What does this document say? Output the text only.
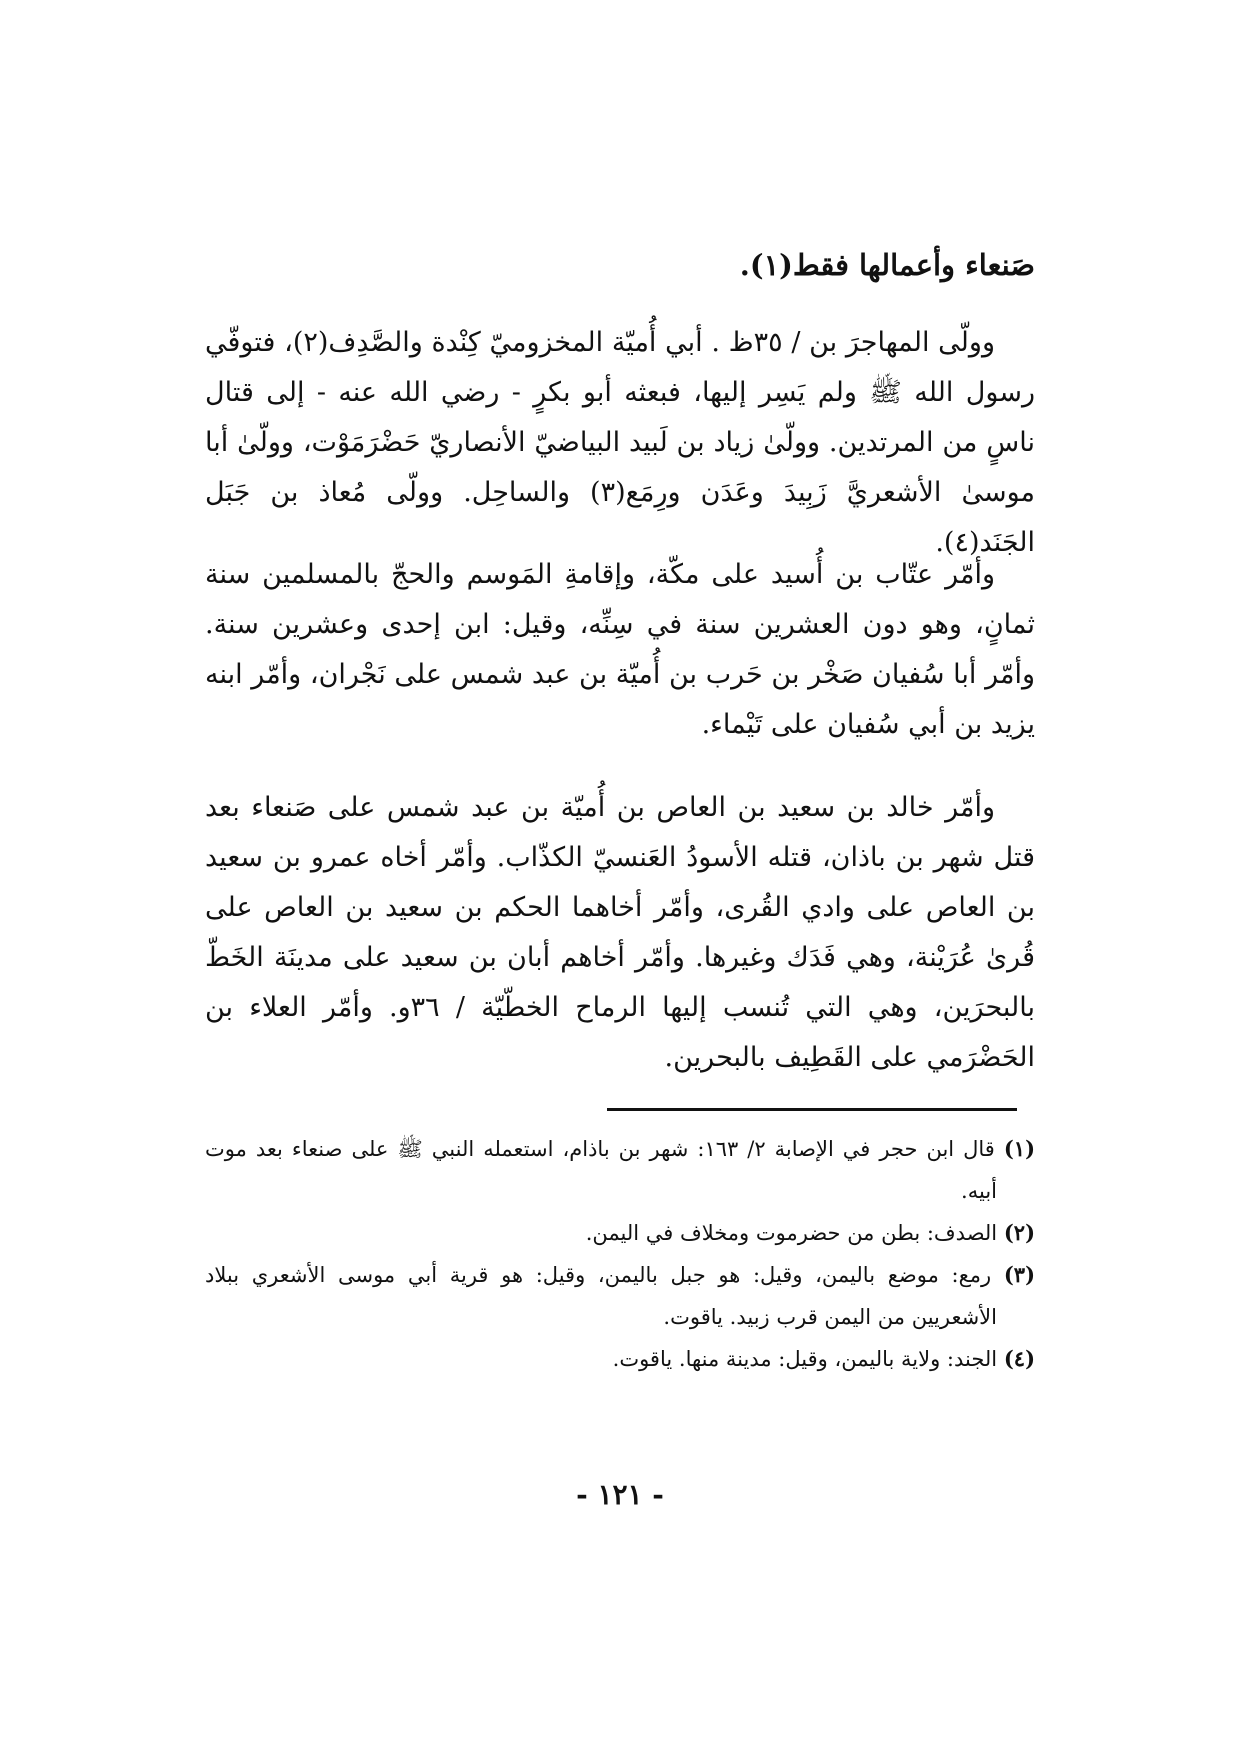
صَنعاء وأعمالها فقط(١).

وولّى المهاجرَ بن / ٣٥ظ . أبي أُميّة المخزوميّ كِنْدة والصَّدِف(٢)، فتوفّي رسول الله ﷺ ولم يَسِر إليها، فبعثه أبو بكرٍ - رضي الله عنه - إلى قتال ناسٍ من المرتدين. وولّىٰ زياد بن لَبيد البياضيّ الأنصاريّ حَضْرَمَوْت، وولّىٰ أبا موسىٰ الأشعريَّ زَبِيدَ وعَدَن ورِمَع(٣) والساحِل. وولّى مُعاذ بن جَبَل الجَنَد(٤).

وأمّر عتّاب بن أُسيد على مكّة، وإقامةِ المَوسم والحجّ بالمسلمين سنة ثمانٍ، وهو دون العشرين سنة في سِنِّه، وقيل: ابن إحدى وعشرين سنة. وأمّر أبا سُفيان صَخْر بن حَرب بن أُميّة بن عبد شمس على نَجْران، وأمّر ابنه يزيد بن أبي سُفيان على تَيْماء.

وأمّر خالد بن سعيد بن العاص بن أُميّة بن عبد شمس على صَنعاء بعد قتل شهر بن باذان، قتله الأسودُ العَنسيّ الكذّاب. وأمّر أخاه عمرو بن سعيد بن العاص على وادي القُرى، وأمّر أخاهما الحكم بن سعيد بن العاص على قُرىٰ عُرَيْنة، وهي فَدَك وغيرها. وأمّر أخاهم أبان بن سعيد على مدينَة الخَطّ بالبحرَين، وهي التي تُنسب إليها الرماح الخطّيّة / ٣٦و. وأمّر العلاء بن الحَضْرَمي على القَطِيف بالبحرين.

(١) قال ابن حجر في الإصابة ٢/ ١٦٣: شهر بن باذام، استعمله النبي ﷺ على صنعاء بعد موت أبيه.

(٢) الصدف: بطن من حضرموت ومخلاف في اليمن.

(٣) رمع: موضع باليمن، وقيل: هو جبل باليمن، وقيل: هو قرية أبي موسى الأشعري ببلاد الأشعريين من اليمن قرب زبيد. ياقوت.

(٤) الجند: ولاية باليمن، وقيل: مدينة منها. ياقوت.

- ١٢١ -
